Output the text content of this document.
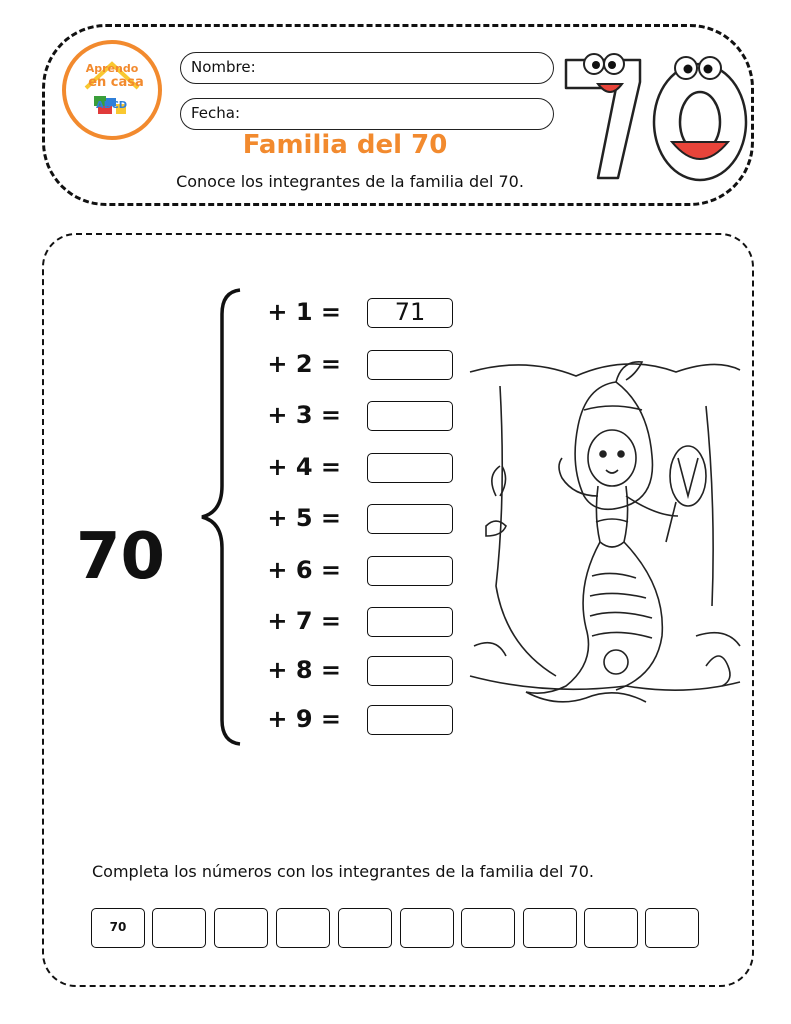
Aprendo
en casa
ABCD
Nombre:
Fecha:
Familia del 70
Conoce los integrantes de la familia del 70.
70
+ 1 =	71
+ 2 =
+ 3 =
+ 4 =
+ 5 =
+ 6 =
+ 7 =
+ 8 =
+ 9 =
Completa los números con los integrantes de la familia del 70.
70
